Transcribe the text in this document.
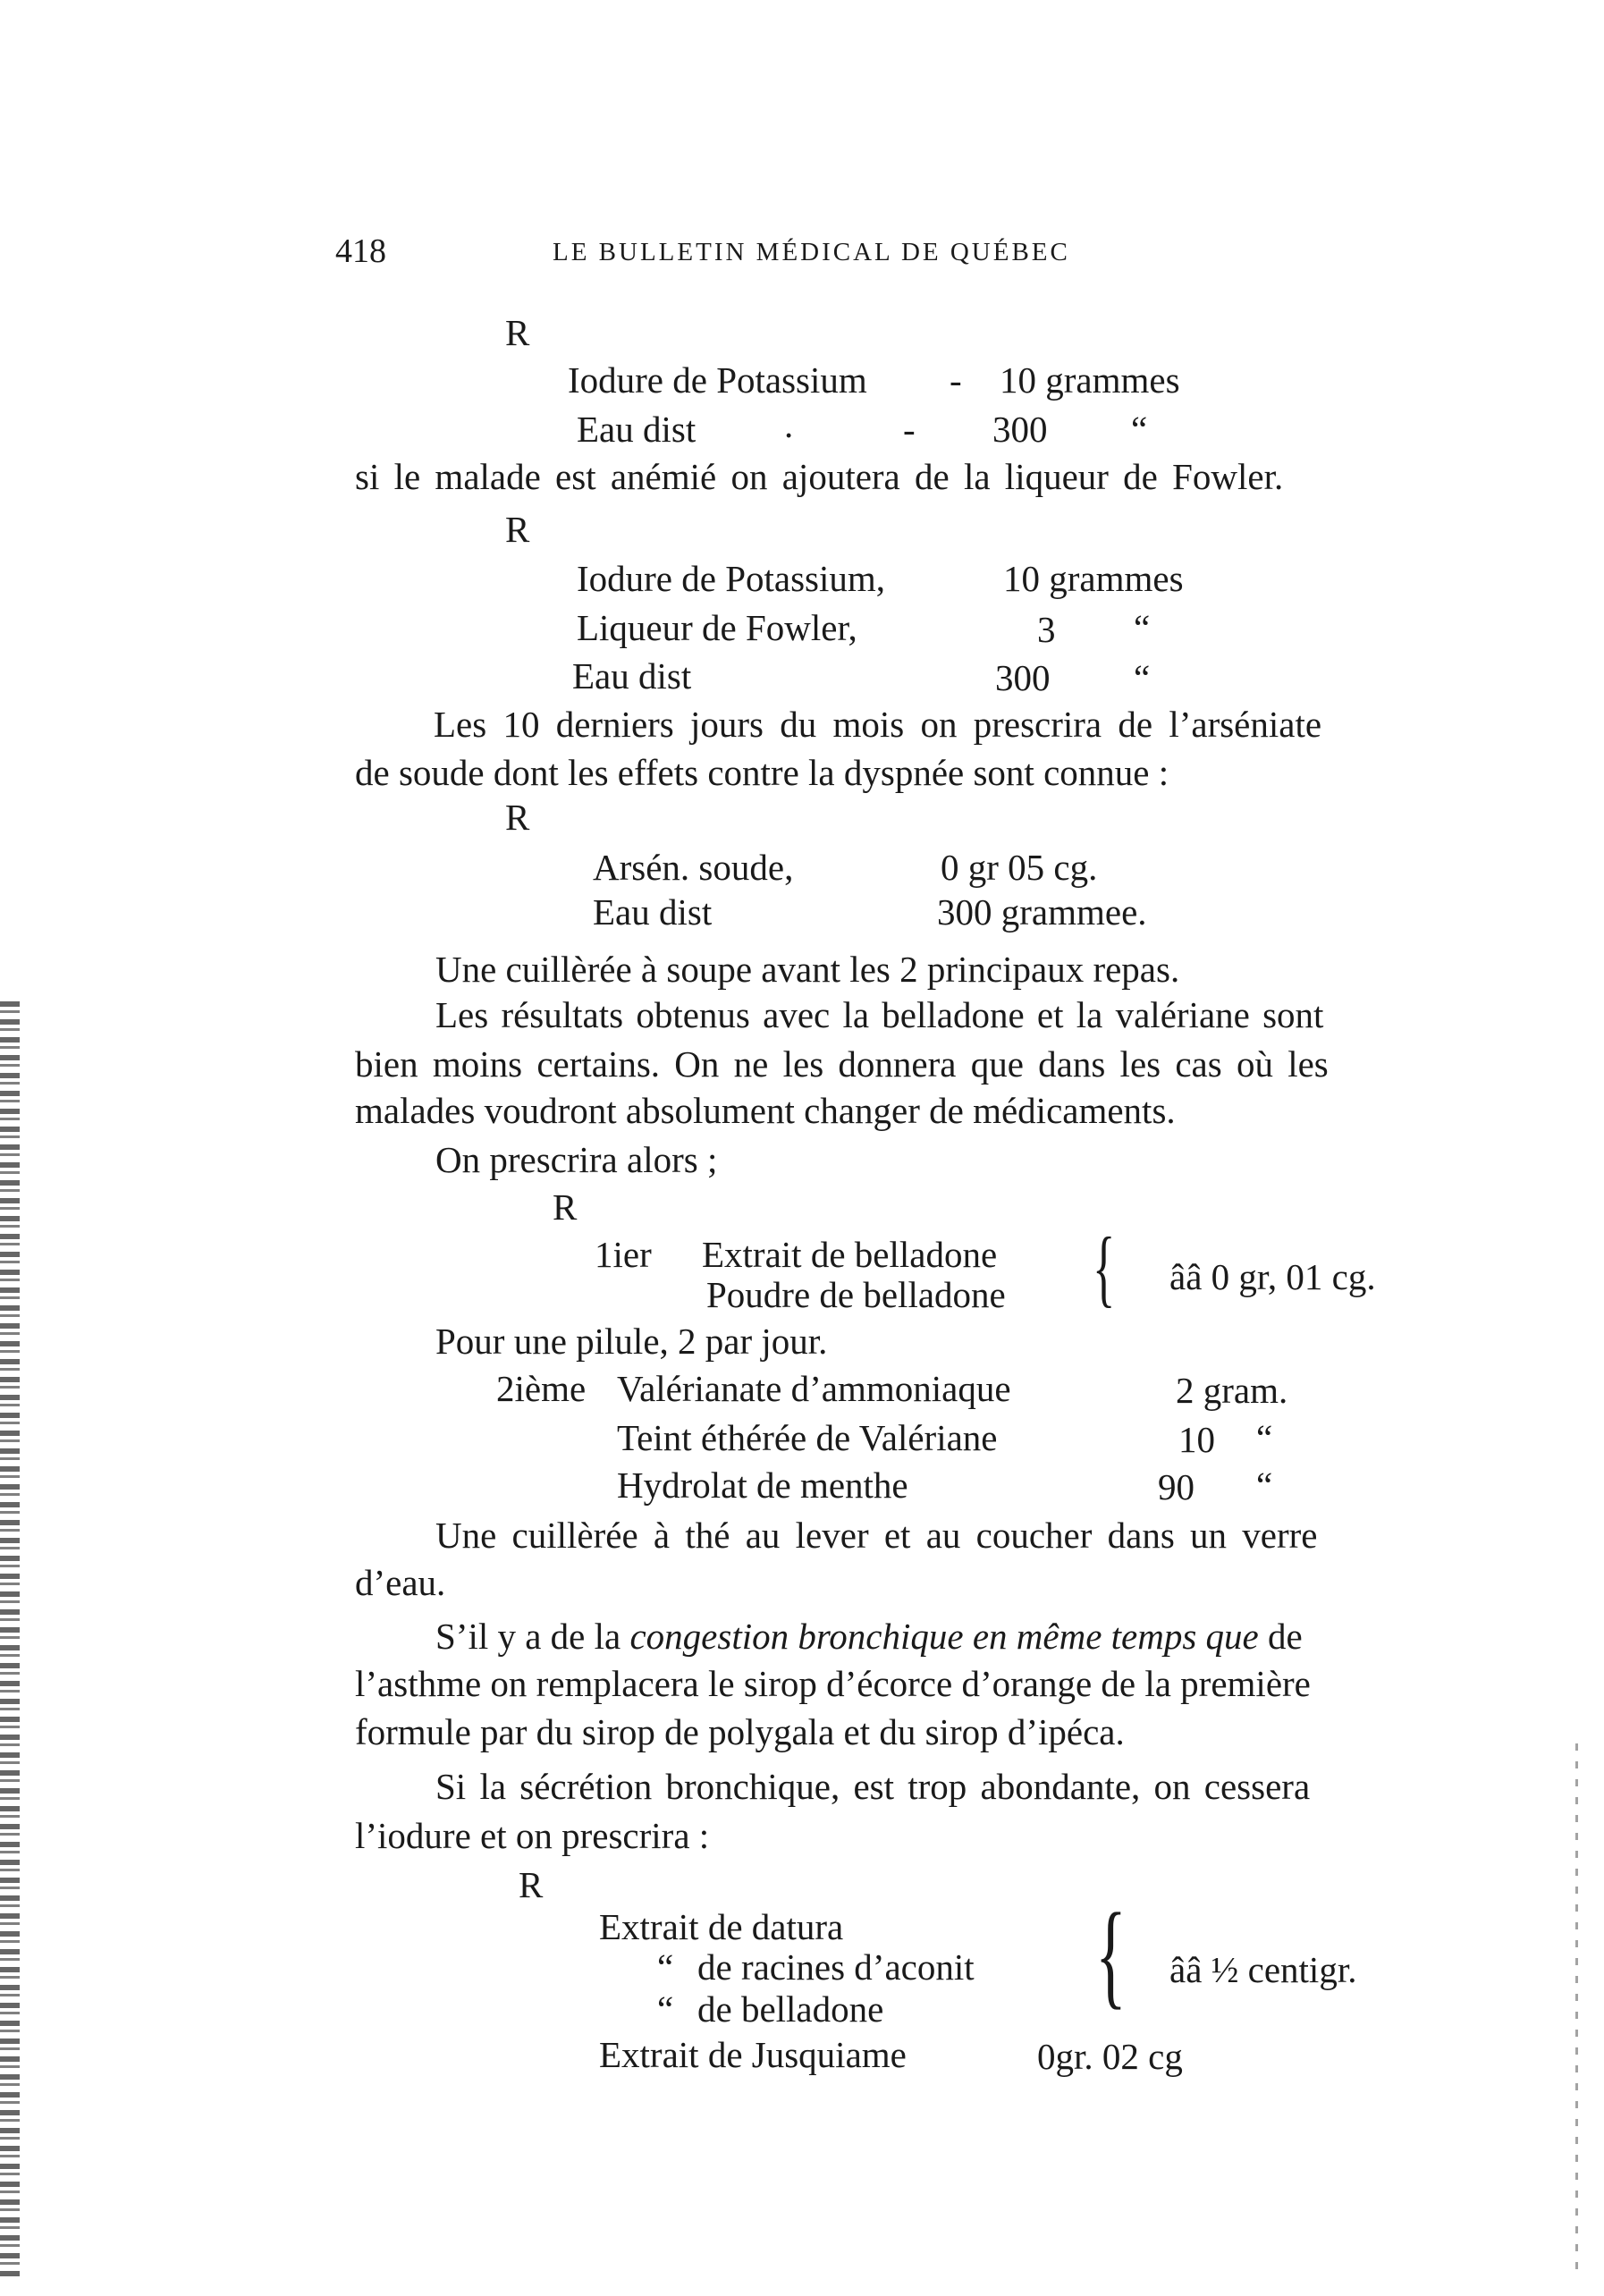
418	LE BULLETIN MÉDICAL DE QUÉBEC
R
Iodure de Potassium - 10 grammes
Eau dist .	- 300 “
si le malade est anémié on ajoutera de la liqueur de Fowler.
R
Iodure de Potassium,	10 grammes
Liqueur de Fowler,	3 “
Eau dist	300 “
Les 10 derniers jours du mois on prescrira de l’arséniate
de soude dont les effets contre la dyspnée sont connue :
R
Arsén. soude,	0 gr 05 cg.
Eau dist	300 grammee.
Une cuillèrée à soupe avant les 2 principaux repas.
Les résultats obtenus avec la belladone et la valériane sont
bien moins certains. On ne les donnera que dans les cas où les
malades voudront absolument changer de médicaments.
On prescrira alors ;
R
1ier Extrait de belladone
Poudre de belladone { ââ 0 gr, 01 cg.
Pour une pilule, 2 par jour.
2ième Valérianate d’ammoniaque	2 gram.
Teint éthérée de Valériane	10 “
Hydrolat de menthe	90 “
Une cuillèrée à thé au lever et au coucher dans un verre
d’eau.
S’il y a de la congestion bronchique en même temps que de
l’asthme on remplacera le sirop d’écorce d’orange de la première
formule par du sirop de polygala et du sirop d’ipéca.
Si la sécrétion bronchique, est trop abondante, on cessera
l’iodure et on prescrira :
R
Extrait de datura
“ de racines d’aconit
“ de belladone { ââ ½ centigr.
Extrait de Jusquiame	0gr. 02 cg
